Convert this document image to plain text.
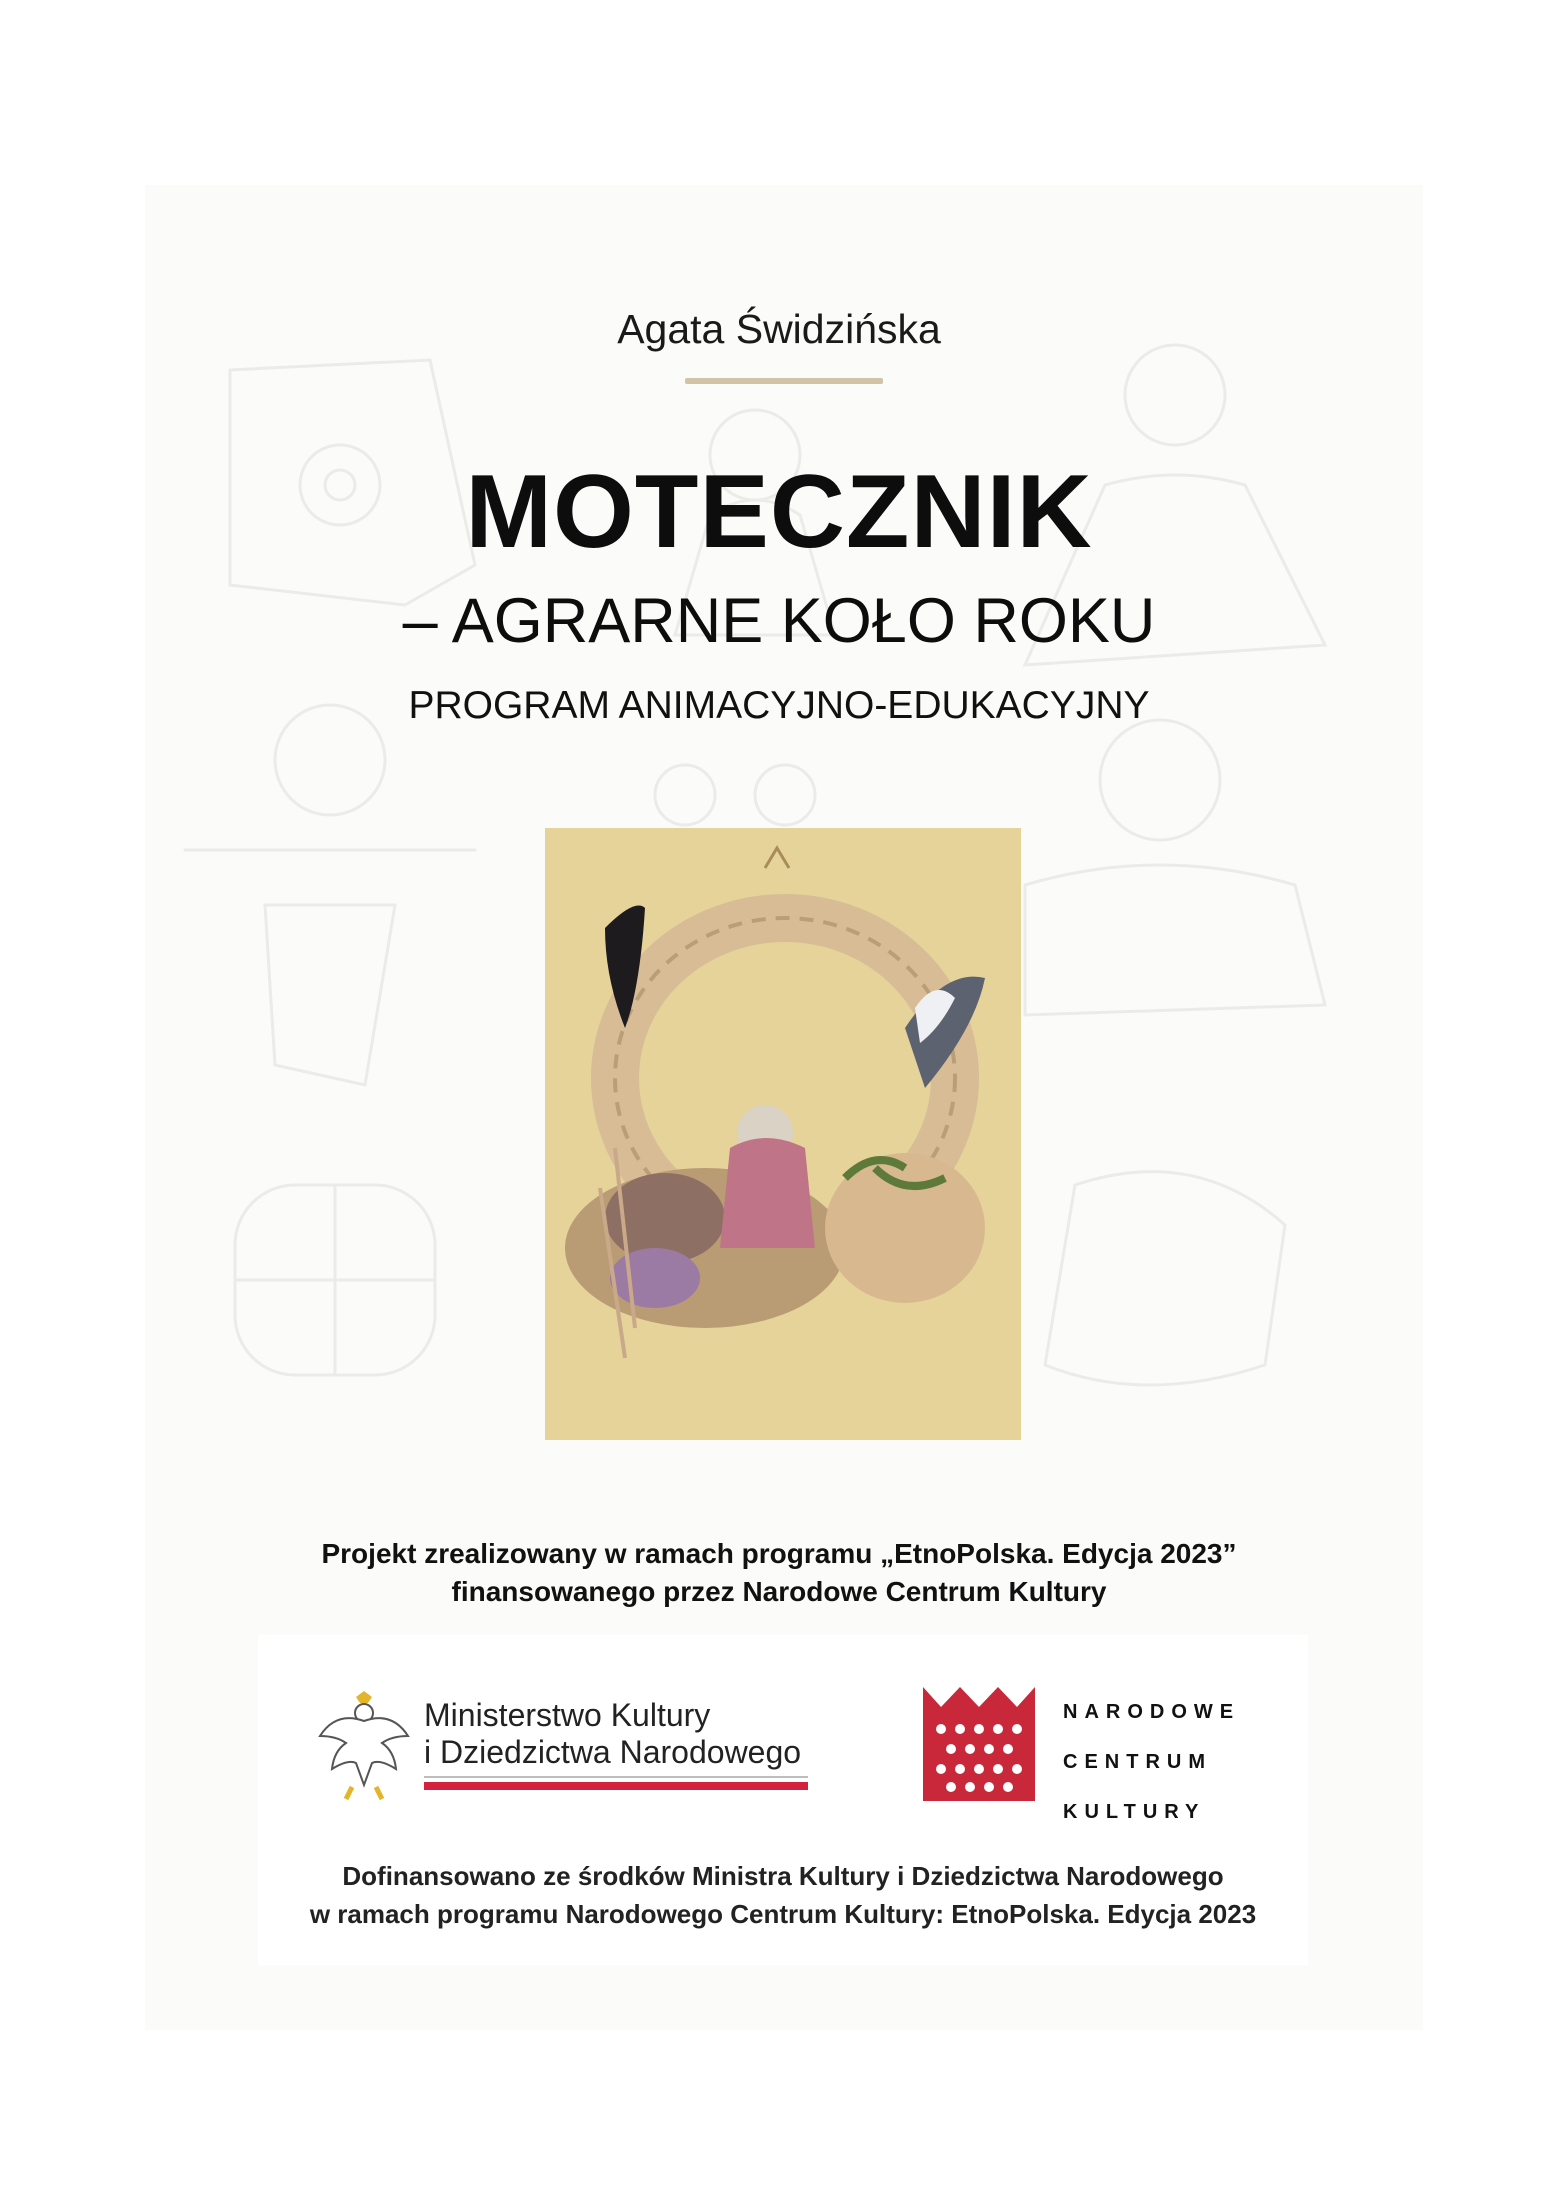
Agata Świdzińska
MOTECZNIK
– AGRARNE KOŁO ROKU
PROGRAM ANIMACYJNO-EDUKACYJNY
Projekt zrealizowany w ramach programu „EtnoPolska. Edycja 2023”
finansowanego przez Narodowe Centrum Kultury
Ministerstwo Kultury
i Dziedzictwa Narodowego
NARODOWE
CENTRUM
KULTURY
Dofinansowano ze środków Ministra Kultury i Dziedzictwa Narodowego
w ramach programu Narodowego Centrum Kultury: EtnoPolska. Edycja 2023
